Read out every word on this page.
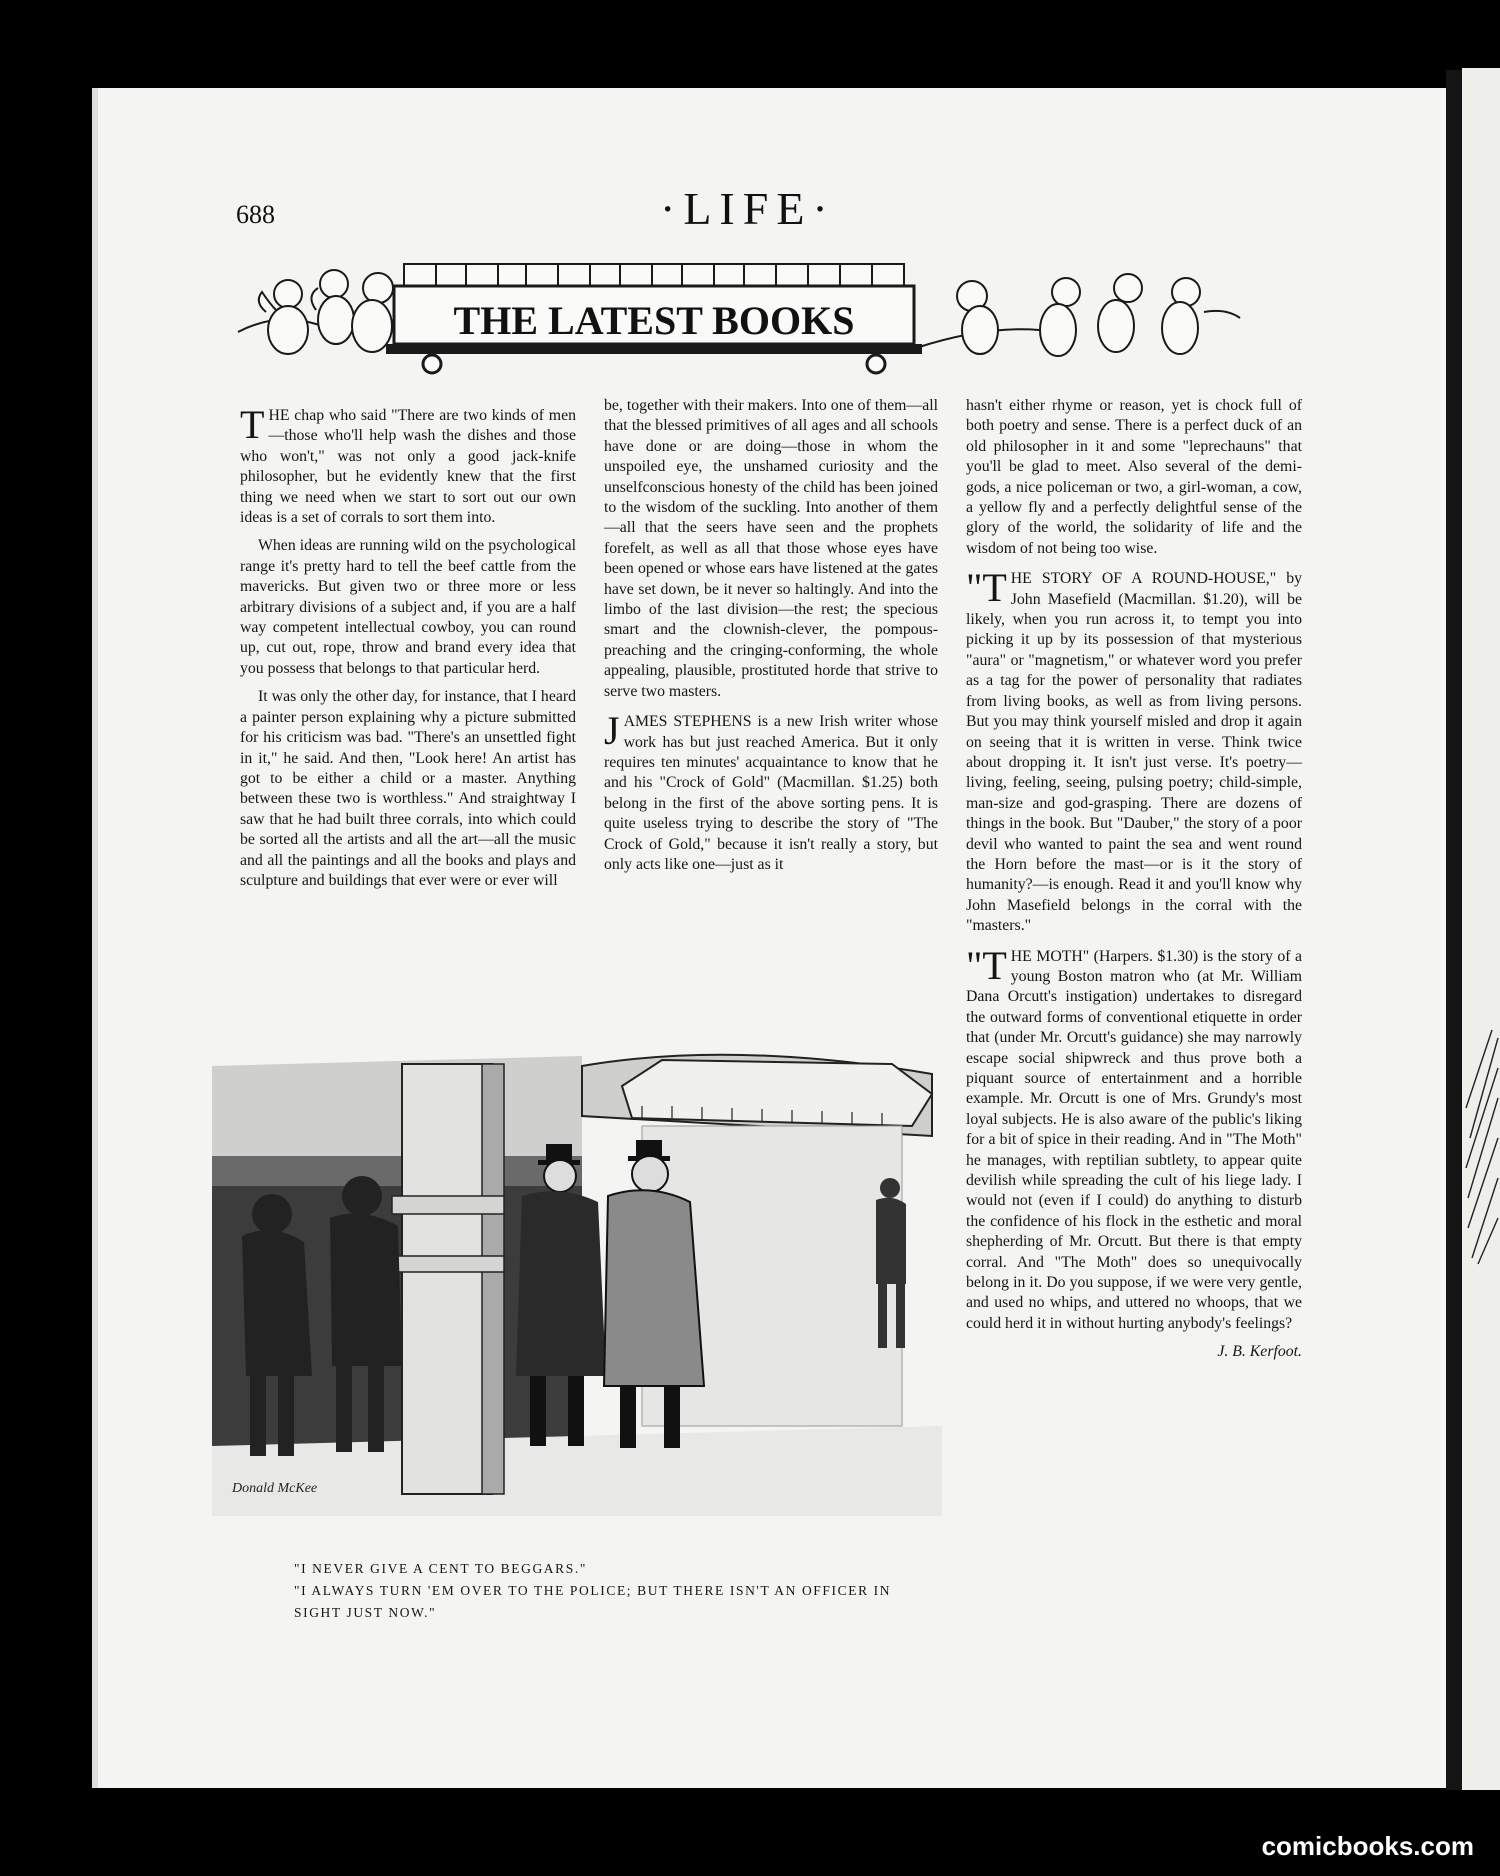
688	·LIFE·
THE LATEST BOOKS

THE chap who said "There are two kinds of men—those who'll help wash the dishes and those who won't," was not only a good jack-knife philosopher, but he evidently knew that the first thing we need when we start to sort out our own ideas is a set of corrals to sort them into.

When ideas are running wild on the psychological range it's pretty hard to tell the beef cattle from the mavericks. But given two or three more or less arbitrary divisions of a subject and, if you are a half way competent intellectual cowboy, you can round up, cut out, rope, throw and brand every idea that you possess that belongs to that particular herd.

It was only the other day, for instance, that I heard a painter person explaining why a picture submitted for his criticism was bad. "There's an unsettled fight in it," he said. And then, "Look here! An artist has got to be either a child or a master. Anything between these two is worthless." And straightway I saw that he had built three corrals, into which could be sorted all the artists and all the art—all the music and all the paintings and all the books and plays and sculpture and buildings that ever were or ever will

be, together with their makers. Into one of them—all that the blessed primitives of all ages and all schools have done or are doing—those in whom the unspoiled eye, the unshamed curiosity and the unselfconscious honesty of the child has been joined to the wisdom of the suckling. Into another of them—all that the seers have seen and the prophets forefelt, as well as all that those whose eyes have been opened or whose ears have listened at the gates have set down, be it never so haltingly. And into the limbo of the last division—the rest; the specious smart and the clownish-clever, the pompous-preaching and the cringing-conforming, the whole appealing, plausible, prostituted horde that strive to serve two masters.

JAMES STEPHENS is a new Irish writer whose work has but just reached America. But it only requires ten minutes' acquaintance to know that he and his "Crock of Gold" (Macmillan. $1.25) both belong in the first of the above sorting pens. It is quite useless trying to describe the story of "The Crock of Gold," because it isn't really a story, but only acts like one—just as it

hasn't either rhyme or reason, yet is chock full of both poetry and sense. There is a perfect duck of an old philosopher in it and some "leprechauns" that you'll be glad to meet. Also several of the demi-gods, a nice policeman or two, a girl-woman, a cow, a yellow fly and a perfectly delightful sense of the glory of the world, the solidarity of life and the wisdom of not being too wise.

"THE STORY OF A ROUND-HOUSE," by John Masefield (Macmillan. $1.20), will be likely, when you run across it, to tempt you into picking it up by its possession of that mysterious "aura" or "magnetism," or whatever word you prefer as a tag for the power of personality that radiates from living books, as well as from living persons. But you may think yourself misled and drop it again on seeing that it is written in verse. Think twice about dropping it. It isn't just verse. It's poetry—living, feeling, seeing, pulsing poetry; child-simple, man-size and god-grasping. There are dozens of things in the book. But "Dauber," the story of a poor devil who wanted to paint the sea and went round the Horn before the mast—or is it the story of humanity?—is enough. Read it and you'll know why John Masefield belongs in the corral with the "masters."

"THE MOTH" (Harpers. $1.30) is the story of a young Boston matron who (at Mr. William Dana Orcutt's instigation) undertakes to disregard the outward forms of conventional etiquette in order that (under Mr. Orcutt's guidance) she may narrowly escape social shipwreck and thus prove both a piquant source of entertainment and a horrible example. Mr. Orcutt is one of Mrs. Grundy's most loyal subjects. He is also aware of the public's liking for a bit of spice in their reading. And in "The Moth" he manages, with reptilian subtlety, to appear quite devilish while spreading the cult of his liege lady. I would not (even if I could) do anything to disturb the confidence of his flock in the esthetic and moral shepherding of Mr. Orcutt. But there is that empty corral. And "The Moth" does so unequivocally belong in it. Do you suppose, if we were very gentle, and used no whips, and uttered no whoops, that we could herd it in without hurting anybody's feelings?

J. B. Kerfoot.

Donald McKee
"I NEVER GIVE A CENT TO BEGGARS."
"I ALWAYS TURN 'EM OVER TO THE POLICE; BUT THERE ISN'T AN OFFICER IN SIGHT JUST NOW."
comicbooks.com
